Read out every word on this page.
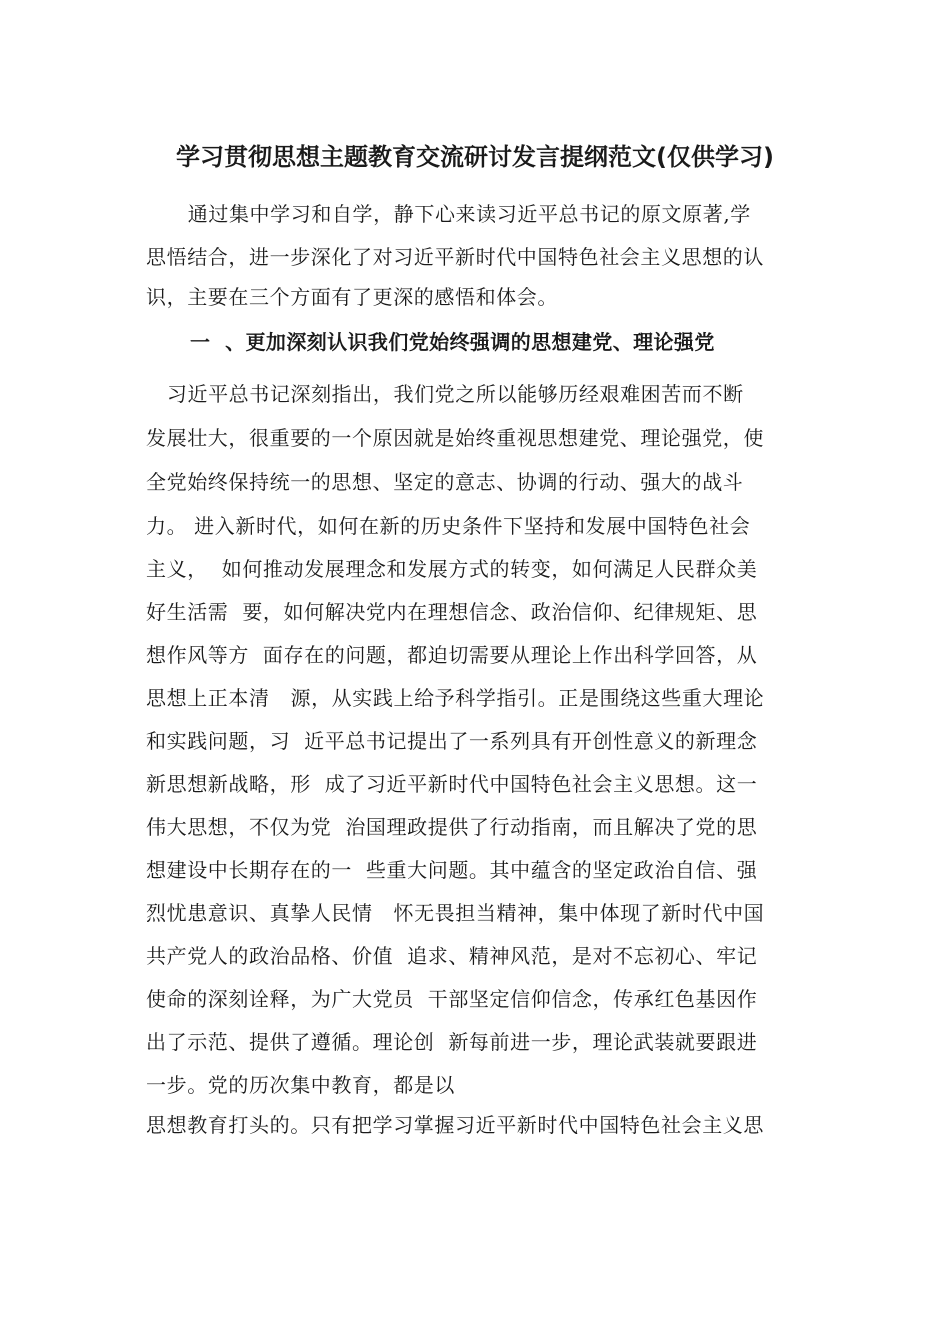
学习贯彻思想主题教育交流研讨发言提纲范文(仅供学习)
通过集中学习和自学，静下心来读习近平总书记的原文原著,学
思悟结合，进一步深化了对习近平新时代中国特色社会主义思想的认
识，主要在三个方面有了更深的感悟和体会。
一  、更加深刻认识我们党始终强调的思想建党、理论强党
习近平总书记深刻指出，我们党之所以能够历经艰难困苦而不断
发展壮大，很重要的一个原因就是始终重视思想建党、理论强党，使
全党始终保持统一的思想、坚定的意志、协调的行动、强大的战斗
力。 进入新时代，如何在新的历史条件下坚持和发展中国特色社会
主义，  如何推动发展理念和发展方式的转变，如何满足人民群众美
好生活需  要，如何解决党内在理想信念、政治信仰、纪律规矩、思
想作风等方  面存在的问题，都迫切需要从理论上作出科学回答，从
思想上正本清   源，从实践上给予科学指引。正是围绕这些重大理论
和实践问题，习  近平总书记提出了一系列具有开创性意义的新理念
新思想新战略，形  成了习近平新时代中国特色社会主义思想。这一
伟大思想，不仅为党  治国理政提供了行动指南，而且解决了党的思
想建设中长期存在的一  些重大问题。其中蕴含的坚定政治自信、强
烈忧患意识、真挚人民情   怀无畏担当精神，集中体现了新时代中国
共产党人的政治品格、价值  追求、精神风范，是对不忘初心、牢记
使命的深刻诠释，为广大党员  干部坚定信仰信念，传承红色基因作
出了示范、提供了遵循。理论创  新每前进一步，理论武装就要跟进
一步。党的历次集中教育，都是以
思想教育打头的。只有把学习掌握习近平新时代中国特色社会主义思
